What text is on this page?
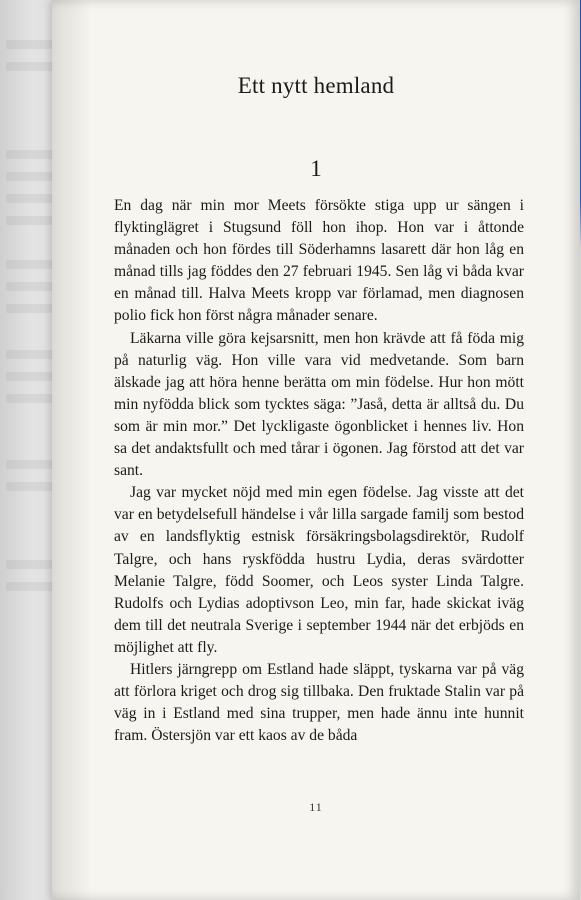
Ett nytt hemland
1

En dag när min mor Meets försökte stiga upp ur sängen i flyktinglägret i Stugsund föll hon ihop. Hon var i åttonde månaden och hon fördes till Söderhamns lasarett där hon låg en månad tills jag föddes den 27 februari 1945. Sen låg vi båda kvar en månad till. Halva Meets kropp var förlamad, men diagnosen polio fick hon först några månader senare.

Läkarna ville göra kejsarsnitt, men hon krävde att få föda mig på naturlig väg. Hon ville vara vid medvetande. Som barn älskade jag att höra henne berätta om min födelse. Hur hon mött min nyfödda blick som tycktes säga: ”Jaså, detta är alltså du. Du som är min mor.” Det lyckligaste ögonblicket i hennes liv. Hon sa det andaktsfullt och med tårar i ögonen. Jag förstod att det var sant.

Jag var mycket nöjd med min egen födelse. Jag visste att det var en betydelsefull händelse i vår lilla sargade familj som bestod av en landsflyktig estnisk försäkringsbolagsdirektör, Rudolf Talgre, och hans ryskfödda hustru Lydia, deras svärdotter Melanie Talgre, född Soomer, och Leos syster Linda Talgre. Rudolfs och Lydias adoptivson Leo, min far, hade skickat iväg dem till det neutrala Sverige i september 1944 när det erbjöds en möjlighet att fly.

Hitlers järngrepp om Estland hade släppt, tyskarna var på väg att förlora kriget och drog sig tillbaka. Den fruktade Stalin var på väg in i Estland med sina trupper, men hade ännu inte hunnit fram. Östersjön var ett kaos av de båda

11
